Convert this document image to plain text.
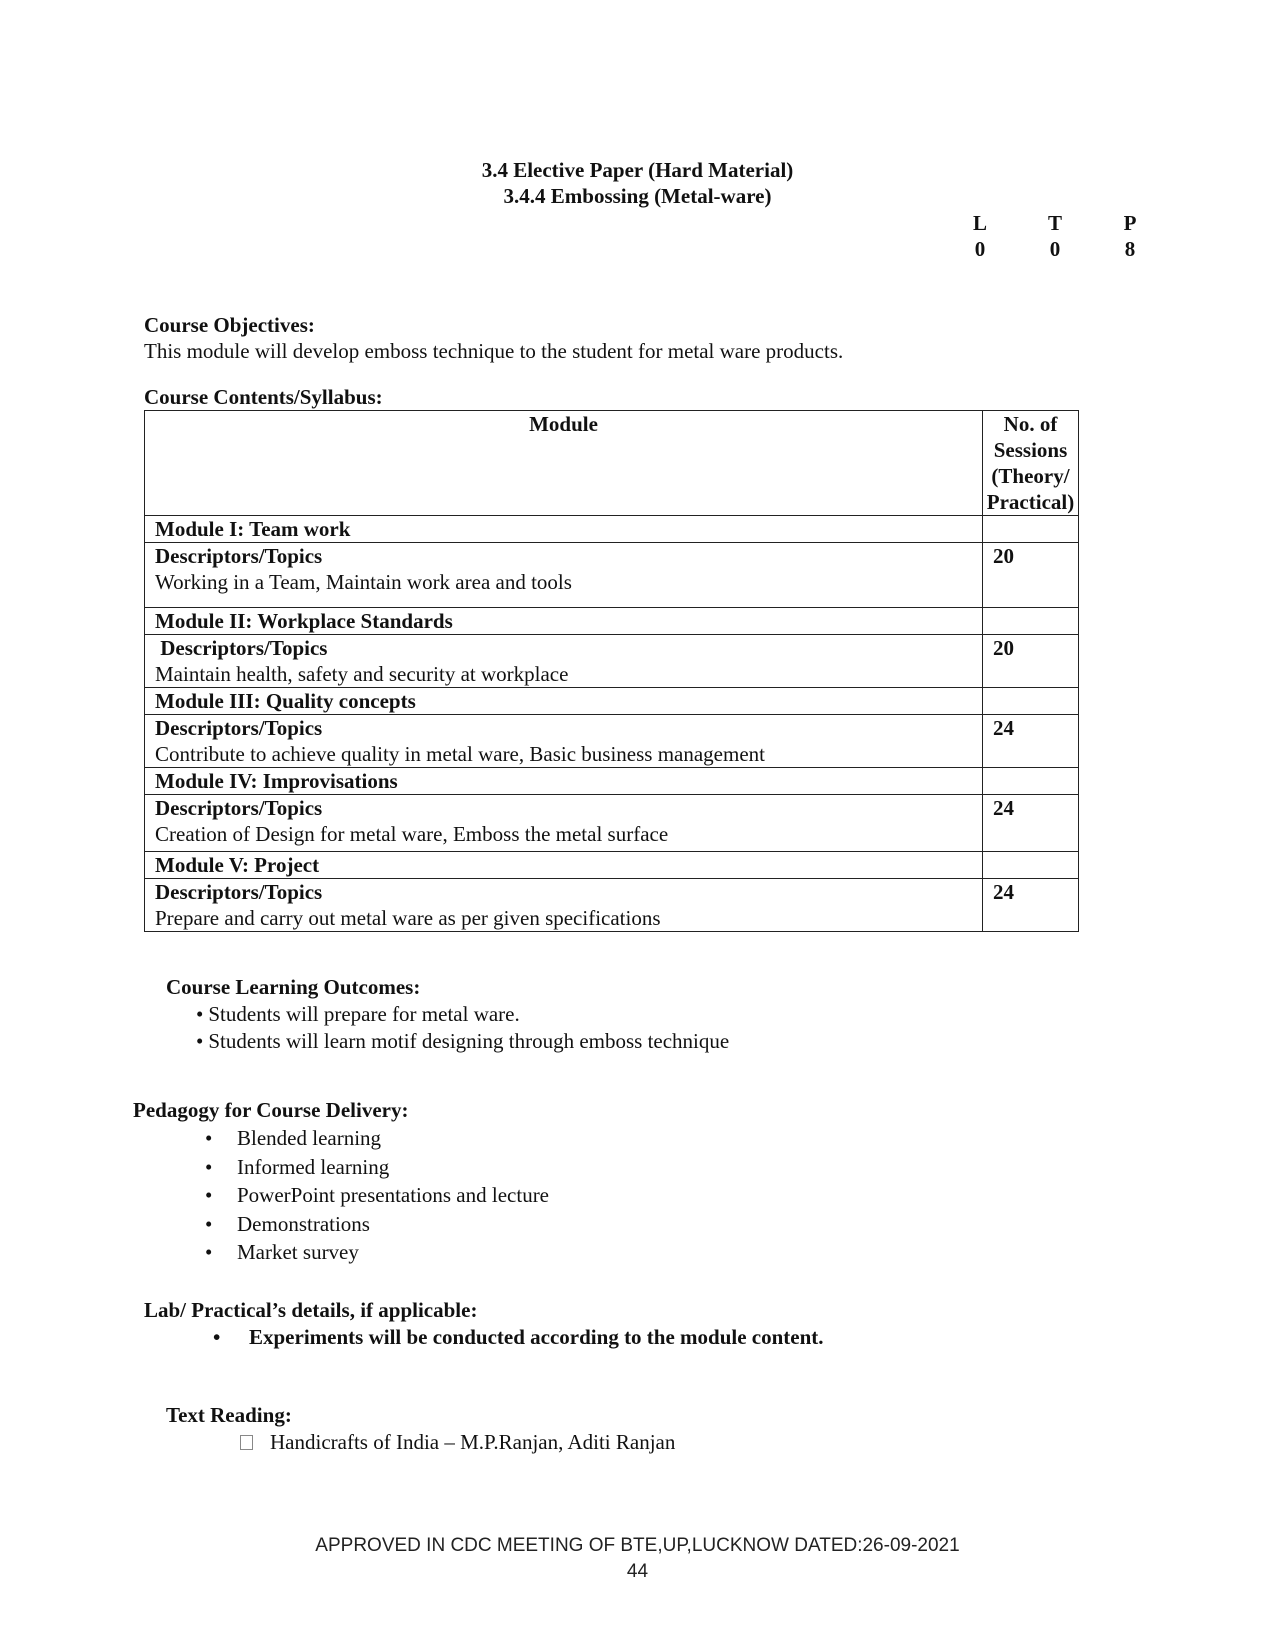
3.4 Elective Paper (Hard Material)
3.4.4 Embossing (Metal-ware)
L	T	P
0	0	8
Course Objectives:
This module will develop emboss technique to the student for metal ware products.
Course Contents/Syllabus:
Module	No. of
Sessions
(Theory/
Practical)

Module I: Team work	

Descriptors/Topics
Working in a Team, Maintain work area and tools	20
Module II: Workplace Standards	

Descriptors/Topics
Maintain health, safety and security at workplace	20
Module III: Quality concepts	

Descriptors/Topics
Contribute to achieve quality in metal ware, Basic business management	24
Module IV: Improvisations	

Descriptors/Topics
Creation of Design for metal ware, Emboss the metal surface	24
Module V: Project	

Descriptors/Topics
Prepare and carry out metal ware as per given specifications	24
Course Learning Outcomes:
• Students will prepare for metal ware.
• Students will learn motif designing through emboss technique
Pedagogy for Course Delivery:
• Blended learning
• Informed learning
• PowerPoint presentations and lecture
• Demonstrations
• Market survey
Lab/ Practical’s details, if applicable:
• Experiments will be conducted according to the module content.
Text Reading:
Handicrafts of India – M.P.Ranjan, Aditi Ranjan
APPROVED IN CDC MEETING OF BTE,UP,LUCKNOW DATED:26-09-2021
44
